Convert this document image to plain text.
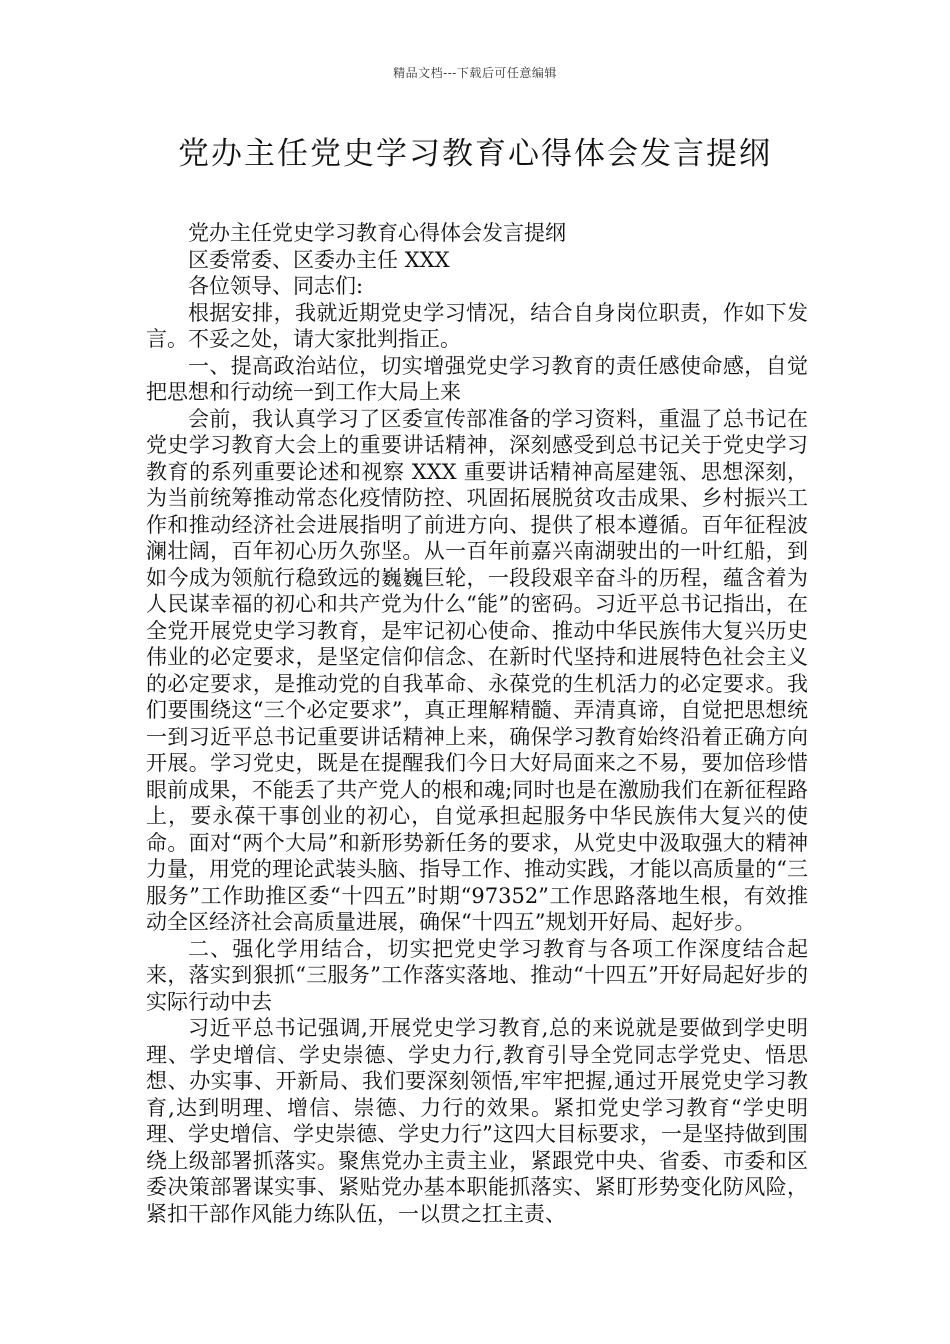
精品文档---下载后可任意编辑
党办主任党史学习教育心得体会发言提纲

党办主任党史学习教育心得体会发言提纲

区委常委、区委办主任 XXX

各位领导、同志们:

根据安排，我就近期党史学习情况，结合自身岗位职责，作如下发言。不妥之处，请大家批判指正。

一、提高政治站位，切实增强党史学习教育的责任感使命感，自觉把思想和行动统一到工作大局上来

会前，我认真学习了区委宣传部准备的学习资料，重温了总书记在党史学习教育大会上的重要讲话精神，深刻感受到总书记关于党史学习教育的系列重要论述和视察 XXX 重要讲话精神高屋建瓴、思想深刻，为当前统筹推动常态化疫情防控、巩固拓展脱贫攻击成果、乡村振兴工作和推动经济社会进展指明了前进方向、提供了根本遵循。百年征程波澜壮阔，百年初心历久弥坚。从一百年前嘉兴南湖驶出的一叶红船，到如今成为领航行稳致远的巍巍巨轮，一段段艰辛奋斗的历程，蕴含着为人民谋幸福的初心和共产党为什么“能”的密码。习近平总书记指出，在全党开展党史学习教育，是牢记初心使命、推动中华民族伟大复兴历史伟业的必定要求，是坚定信仰信念、在新时代坚持和进展特色社会主义的必定要求，是推动党的自我革命、永葆党的生机活力的必定要求。我们要围绕这“三个必定要求”，真正理解精髓、弄清真谛，自觉把思想统一到习近平总书记重要讲话精神上来，确保学习教育始终沿着正确方向开展。学习党史，既是在提醒我们今日大好局面来之不易，要加倍珍惜眼前成果，不能丢了共产党人的根和魂;同时也是在激励我们在新征程路上，要永葆干事创业的初心，自觉承担起服务中华民族伟大复兴的使命。面对“两个大局”和新形势新任务的要求，从党史中汲取强大的精神力量，用党的理论武装头脑、指导工作、推动实践，才能以高质量的“三服务”工作助推区委“十四五”时期“97352”工作思路落地生根，有效推动全区经济社会高质量进展，确保“十四五”规划开好局、起好步。

二、强化学用结合，切实把党史学习教育与各项工作深度结合起来，落实到狠抓“三服务”工作落实落地、推动“十四五”开好局起好步的实际行动中去

习近平总书记强调,开展党史学习教育,总的来说就是要做到学史明理、学史增信、学史崇德、学史力行,教育引导全党同志学党史、悟思想、办实事、开新局、我们要深刻领悟,牢牢把握,通过开展党史学习教育,达到明理、增信、崇德、力行的效果。紧扣党史学习教育“学史明理、学史增信、学史崇德、学史力行”这四大目标要求，一是坚持做到围绕上级部署抓落实。聚焦党办主责主业，紧跟党中央、省委、市委和区委决策部署谋实事、紧贴党办基本职能抓落实、紧盯形势变化防风险，紧扣干部作风能力练队伍，一以贯之扛主责、
